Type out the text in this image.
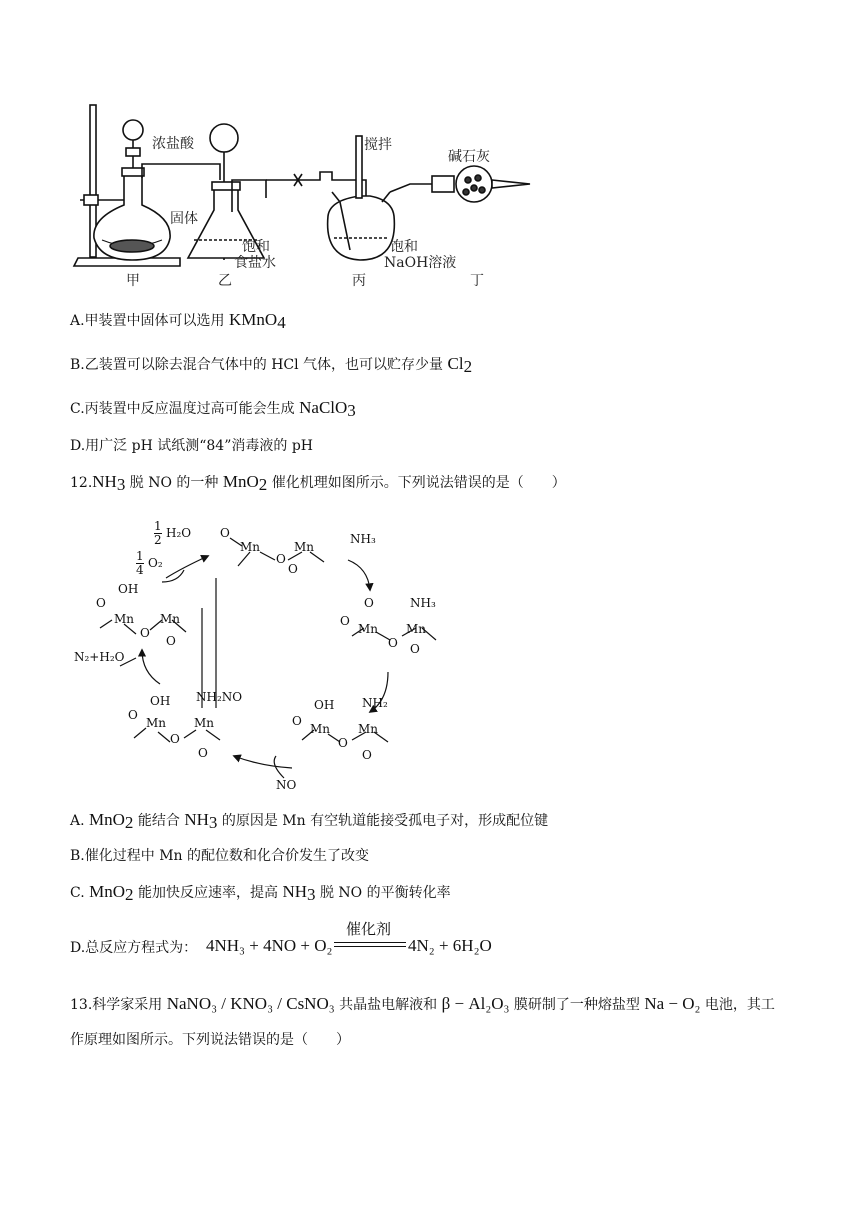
浓盐酸
固体
搅拌
碱石灰
饱和
食盐水
饱和
NaOH溶液
甲	乙	丙	丁
A.甲装置中固体可以选用 KMnO$_4$
B.乙装置可以除去混合气体中的 HCl 气体，也可以贮存少量 $Cl_2$
C.丙装置中反应温度过高可能会生成 NaClO$_3$
D.用广泛 pH 试纸测“84”消毒液的 pH
$12.NH_3$ 脱 NO 的一种 MnO$_2$ 催化机理如图所示。下列说法错误的是（　　）
1
2 H₂O
1
4 O₂
O
Mn
O
Mn
O
NH₃
O
O
Mn
O
Mn
NH₃
O
OH NH₂
O
Mn
O
Mn
O
NO
OH NH₂NO
O
Mn
O
Mn
O
N₂+H₂O
OH
O
Mn
O
Mn
O
A. MnO$_2$ 能结合 $NH_3$ 的原因是 Mn 有空轨道能接受孤电子对，形成配位键
B.催化过程中 Mn 的配位数和化合价发生了改变
C. MnO$_2$ 能加快反应速率，提高 $NH_3$ 脱 NO 的平衡转化率
D.总反应方程式为： 4NH₃ + 4NO + O₂
催化剂
4N₂ + 6H₂O
13.科学家采用 NaNO₃ / KNO₃ / CsNO₃ 共晶盐电解液和 β − Al₂O₃ 膜研制了一种熔盐型 Na − O₂ 电池，其工
作原理如图所示。下列说法错误的是（　　）
